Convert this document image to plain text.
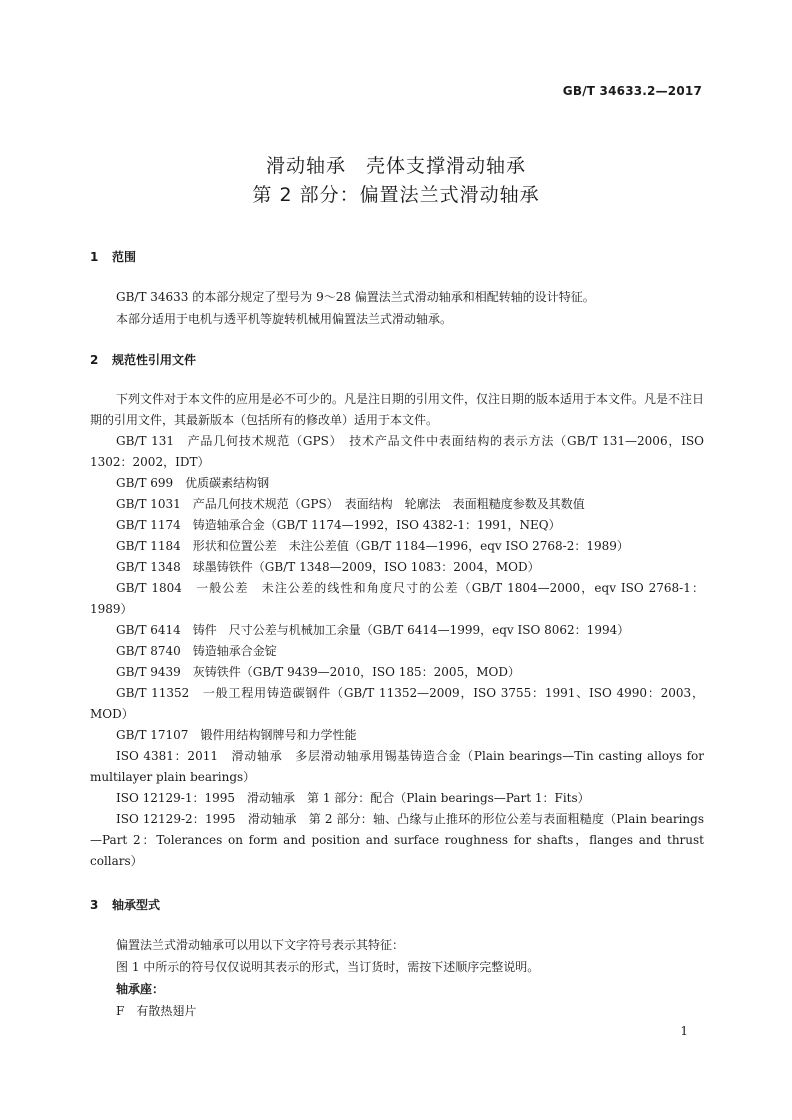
GB/T 34633.2—2017
滑动轴承　壳体支撑滑动轴承
第 2 部分：偏置法兰式滑动轴承
1 范围
GB/T 34633 的本部分规定了型号为 9～28 偏置法兰式滑动轴承和相配转轴的设计特征。
本部分适用于电机与透平机等旋转机械用偏置法兰式滑动轴承。
2 规范性引用文件
下列文件对于本文件的应用是必不可少的。凡是注日期的引用文件，仅注日期的版本适用于本文件。凡是不注日期的引用文件，其最新版本（包括所有的修改单）适用于本文件。
GB/T 131　产品几何技术规范（GPS）　技术产品文件中表面结构的表示方法（GB/T 131—2006，ISO 1302：2002，IDT）
GB/T 699　优质碳素结构钢
GB/T 1031　产品几何技术规范（GPS）　表面结构　轮廓法　表面粗糙度参数及其数值
GB/T 1174　铸造轴承合金（GB/T 1174—1992，ISO 4382-1：1991，NEQ）
GB/T 1184　形状和位置公差　未注公差值（GB/T 1184—1996，eqv ISO 2768-2：1989）
GB/T 1348　球墨铸铁件（GB/T 1348—2009，ISO 1083：2004，MOD）
GB/T 1804　一般公差　未注公差的线性和角度尺寸的公差（GB/T 1804—2000，eqv ISO 2768-1：1989）
GB/T 6414　铸件　尺寸公差与机械加工余量（GB/T 6414—1999，eqv ISO 8062：1994）
GB/T 8740　铸造轴承合金锭
GB/T 9439　灰铸铁件（GB/T 9439—2010，ISO 185：2005，MOD）
GB/T 11352　一般工程用铸造碳钢件（GB/T 11352—2009，ISO 3755：1991、ISO 4990：2003，MOD）
GB/T 17107　锻件用结构钢牌号和力学性能
ISO 4381：2011　滑动轴承　多层滑动轴承用锡基铸造合金（Plain bearings—Tin casting alloys for multilayer plain bearings）
ISO 12129-1：1995　滑动轴承　第 1 部分：配合（Plain bearings—Part 1：Fits）
ISO 12129-2：1995　滑动轴承　第 2 部分：轴、凸缘与止推环的形位公差与表面粗糙度（Plain bearings—Part 2：Tolerances on form and position and surface roughness for shafts，flanges and thrust collars）
3 轴承型式
偏置法兰式滑动轴承可以用以下文字符号表示其特征：
图 1 中所示的符号仅仅说明其表示的形式，当订货时，需按下述顺序完整说明。
轴承座：
F　有散热翅片
1
